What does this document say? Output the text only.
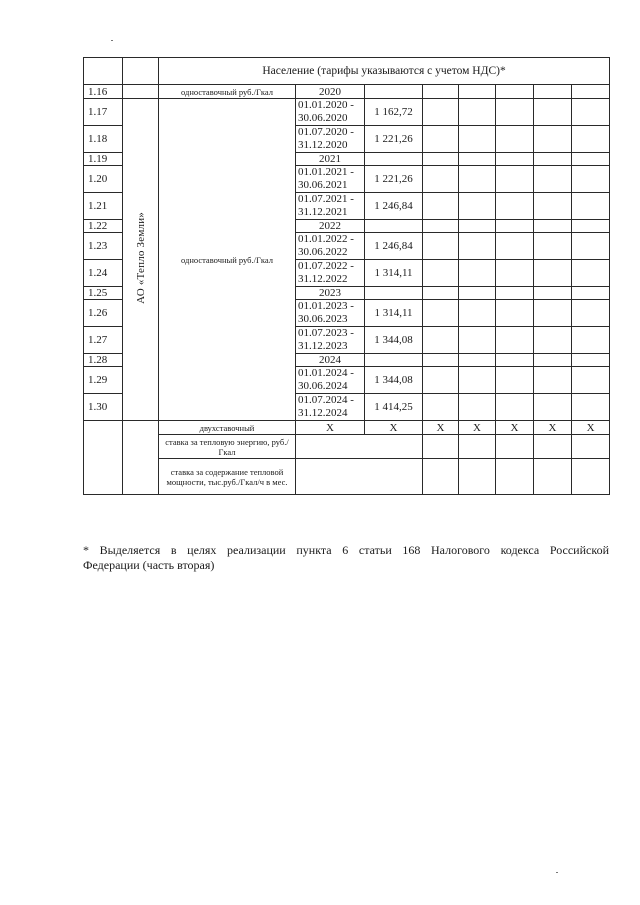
		Население (тарифы указываются с учетом НДС)*							
1.16		одноставочный руб./Гкал	2020						
1.17	АО «Тепло Земли»	одноставочный руб./Гкал	01.01.2020 -
30.06.2020	1 162,72					
1.18			01.07.2020 -
31.12.2020	1 221,26					
1.19			2021						
1.20			01.01.2021 -
30.06.2021	1 221,26					
1.21			01.07.2021 -
31.12.2021	1 246,84					
1.22			2022						
1.23			01.01.2022 -
30.06.2022	1 246,84					
1.24			01.07.2022 -
31.12.2022	1 314,11					
1.25			2023						
1.26			01.01.2023 -
30.06.2023	1 314,11					
1.27			01.07.2023 -
31.12.2023	1 344,08					
1.28			2024						
1.29			01.01.2024 -
30.06.2024	1 344,08					
1.30			01.07.2024 -
31.12.2024	1 414,25					
		двухставочный	X	X	X	X	X	X	X
		ставка за тепловую энергию, руб./Гкал							
		ставка за содержание тепловой мощности, тыс.руб./Гкал/ч в мес.							
* Выделяется в целях реализации пункта 6 статьи 168 Налогового кодекса Российской
Федерации (часть вторая)
